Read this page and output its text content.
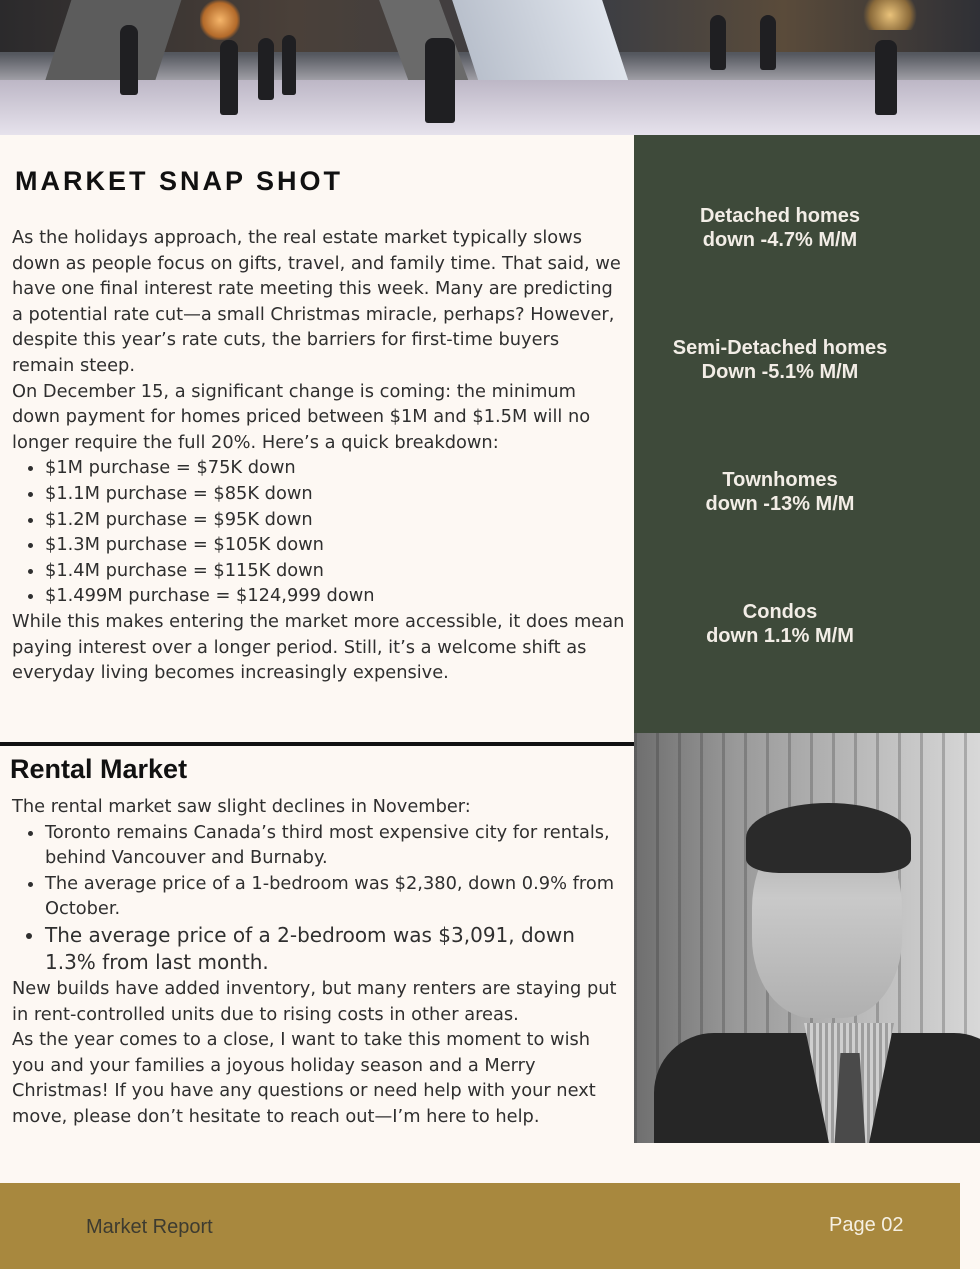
MARKET SNAP SHOT

As the holidays approach, the real estate market typically slows down as people focus on gifts, travel, and family time. That said, we have one final interest rate meeting this week. Many are predicting a potential rate cut—a small Christmas miracle, perhaps? However, despite this year’s rate cuts, the barriers for first-time buyers remain steep.

On December 15, a significant change is coming: the minimum down payment for homes priced between $1M and $1.5M will no longer require the full 20%. Here’s a quick breakdown:

• $1M purchase = $75K down
• $1.1M purchase = $85K down
• $1.2M purchase = $95K down
• $1.3M purchase = $105K down
• $1.4M purchase = $115K down
• $1.499M purchase = $124,999 down

While this makes entering the market more accessible, it does mean paying interest over a longer period. Still, it’s a welcome shift as everyday living becomes increasingly expensive.

Rental Market

The rental market saw slight declines in November:

• Toronto remains Canada’s third most expensive city for rentals, behind Vancouver and Burnaby.
• The average price of a 1-bedroom was $2,380, down 0.9% from October.
• The average price of a 2-bedroom was $3,091, down 1.3% from last month.

New builds have added inventory, but many renters are staying put in rent-controlled units due to rising costs in other areas.

As the year comes to a close, I want to take this moment to wish you and your families a joyous holiday season and a Merry Christmas! If you have any questions or need help with your next move, please don’t hesitate to reach out—I’m here to help.

Detached homes
down -4.7% M/M
Semi-Detached homes
Down -5.1% M/M
Townhomes
down -13% M/M
Condos
down 1.1% M/M
Market Report	Page 02
